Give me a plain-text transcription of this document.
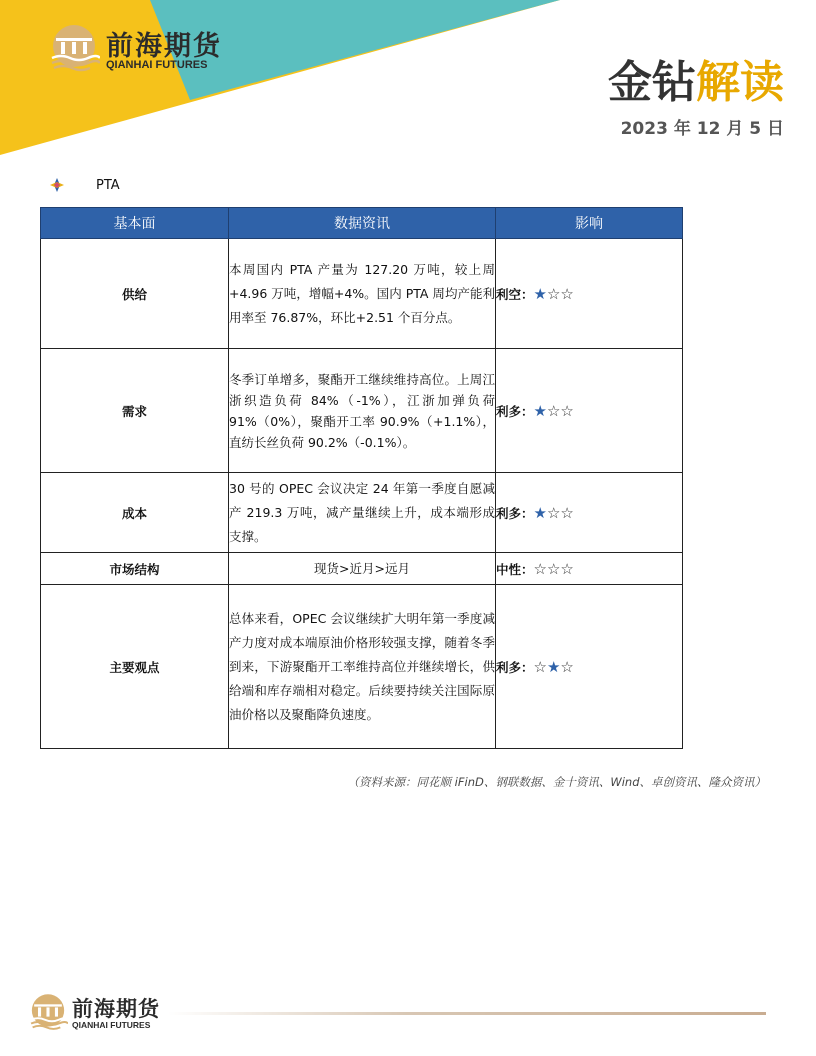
前海期货
QIANHAI FUTURES	金钻解读
2023 年 12 月 5 日
PTA
基本面	数据资讯	影响
供给	本周国内 PTA 产量为 127.20 万吨，较上周+4.96 万吨，增幅+4%。国内 PTA 周均产能利用率至 76.87%，环比+2.51 个百分点。	利空：★☆☆
需求	冬季订单增多，聚酯开工继续维持高位。上周江浙织造负荷 84%（-1%），江浙加弹负荷 91%（0%），聚酯开工率 90.9%（+1.1%），直纺长丝负荷 90.2%（-0.1%）。	利多：★☆☆
成本	30 号的 OPEC 会议决定 24 年第一季度自愿减产 219.3 万吨，减产量继续上升，成本端形成支撑。	利多：★☆☆
市场结构	现货>近月>远月	中性：☆☆☆
主要观点	总体来看，OPEC 会议继续扩大明年第一季度减产力度对成本端原油价格形较强支撑，随着冬季到来，下游聚酯开工率维持高位并继续增长，供给端和库存端相对稳定。后续要持续关注国际原油价格以及聚酯降负速度。	利多：☆★☆
（资料来源：同花顺 iFinD、钢联数据、金十资讯、Wind、卓创资讯、隆众资讯）
前海期货
QIANHAI FUTURES
